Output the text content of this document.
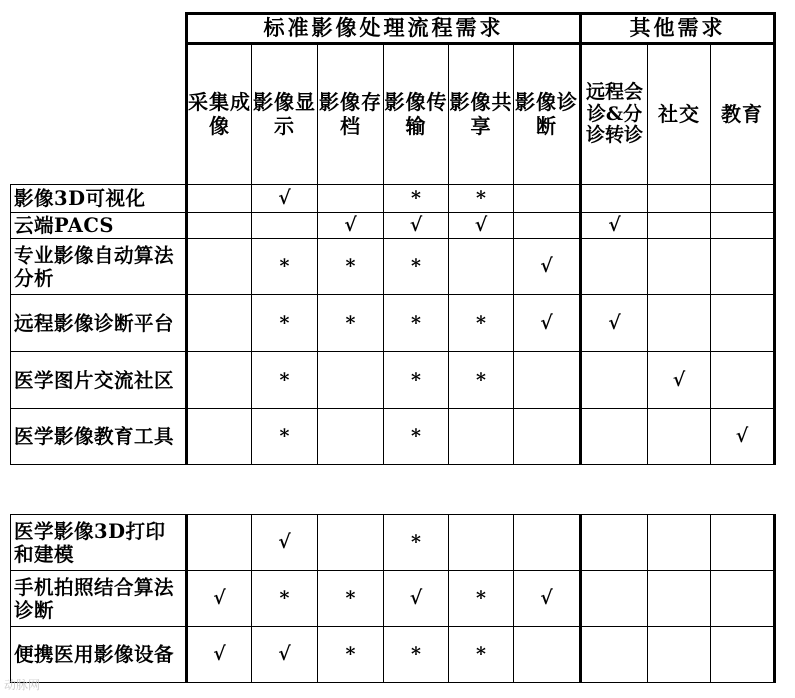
	标准影像处理流程需求						其他需求		
	采集成像	影像显示	影像存档	影像传输	影像共享	影像诊断	远程会诊&分诊转诊	社交	教育
影像3D可视化		√		*	*				
云端PACS			√	√	√		√		
专业影像自动算法分析		*	*	*		√			
远程影像诊断平台		*	*	*	*	√	√		
医学图片交流社区		*		*	*			√	
医学影像教育工具		*		*					√
医学影像3D打印和建模		√		*					
手机拍照结合算法诊断	√	*	*	√	*	√			
便携医用影像设备	√	√	*	*	*				
动脉网
